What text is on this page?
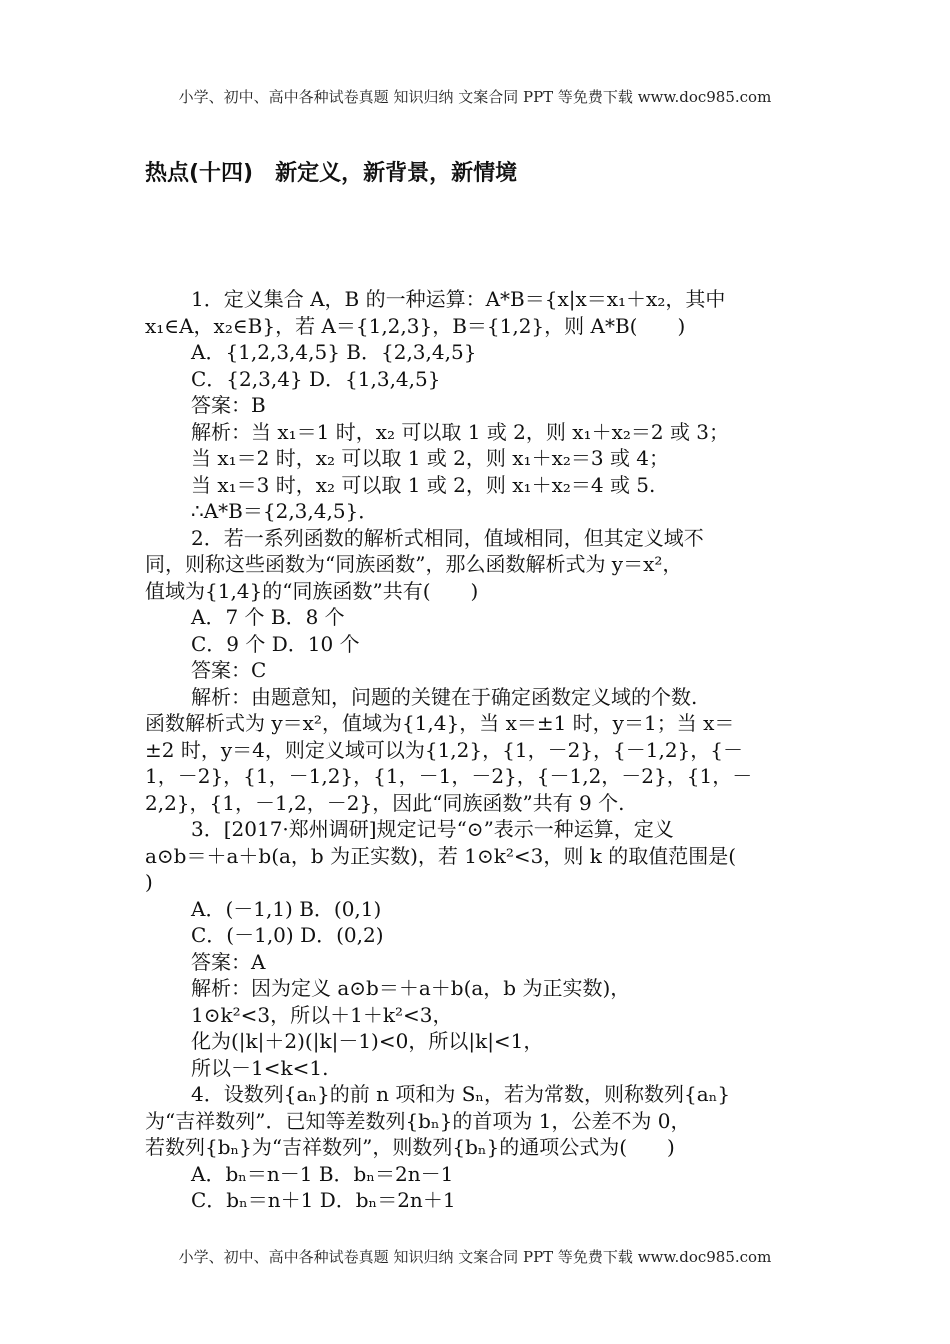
小学、初中、高中各种试卷真题 知识归纳 文案合同 PPT 等免费下载 www.doc985.com
热点(十四)　新定义，新背景，新情境
1．定义集合 A，B 的一种运算：A*B＝{x|x＝x₁＋x₂，其中
x₁∈A，x₂∈B}，若 A＝{1,2,3}，B＝{1,2}，则 A*B(　　)
A．{1,2,3,4,5} B．{2,3,4,5}
C．{2,3,4} D．{1,3,4,5}
答案：B
解析：当 x₁＝1 时，x₂ 可以取 1 或 2，则 x₁＋x₂＝2 或 3；
当 x₁＝2 时，x₂ 可以取 1 或 2，则 x₁＋x₂＝3 或 4；
当 x₁＝3 时，x₂ 可以取 1 或 2，则 x₁＋x₂＝4 或 5.
∴A*B＝{2,3,4,5}．
2．若一系列函数的解析式相同，值域相同，但其定义域不
同，则称这些函数为“同族函数”，那么函数解析式为 y＝x²，
值域为{1,4}的“同族函数”共有(　　)
A．7 个 B．8 个
C．9 个 D．10 个
答案：C
解析：由题意知，问题的关键在于确定函数定义域的个数.
函数解析式为 y＝x²，值域为{1,4}，当 x＝±1 时，y＝1；当 x＝
±2 时，y＝4，则定义域可以为{1,2}，{1，－2}，{－1,2}，{－
1，－2}，{1，－1,2}，{1，－1，－2}，{－1,2，－2}，{1，－
2,2}，{1，－1,2，－2}，因此“同族函数”共有 9 个.
3．[2017·郑州调研]规定记号“⊙”表示一种运算，定义
a⊙b＝＋a＋b(a，b 为正实数)，若 1⊙k²<3，则 k 的取值范围是(
)
A．(－1,1) B．(0,1)
C．(－1,0) D．(0,2)
答案：A
解析：因为定义 a⊙b＝＋a＋b(a，b 为正实数)，
1⊙k²<3，所以＋1＋k²<3，
化为(|k|＋2)(|k|－1)<0，所以|k|<1，
所以－1<k<1.
4．设数列{aₙ}的前 n 项和为 Sₙ，若为常数，则称数列{aₙ}
为“吉祥数列”．已知等差数列{bₙ}的首项为 1，公差不为 0，
若数列{bₙ}为“吉祥数列”，则数列{bₙ}的通项公式为(　　)
A．bₙ＝n－1 B．bₙ＝2n－1
C．bₙ＝n＋1 D．bₙ＝2n＋1
小学、初中、高中各种试卷真题 知识归纳 文案合同 PPT 等免费下载 www.doc985.com
